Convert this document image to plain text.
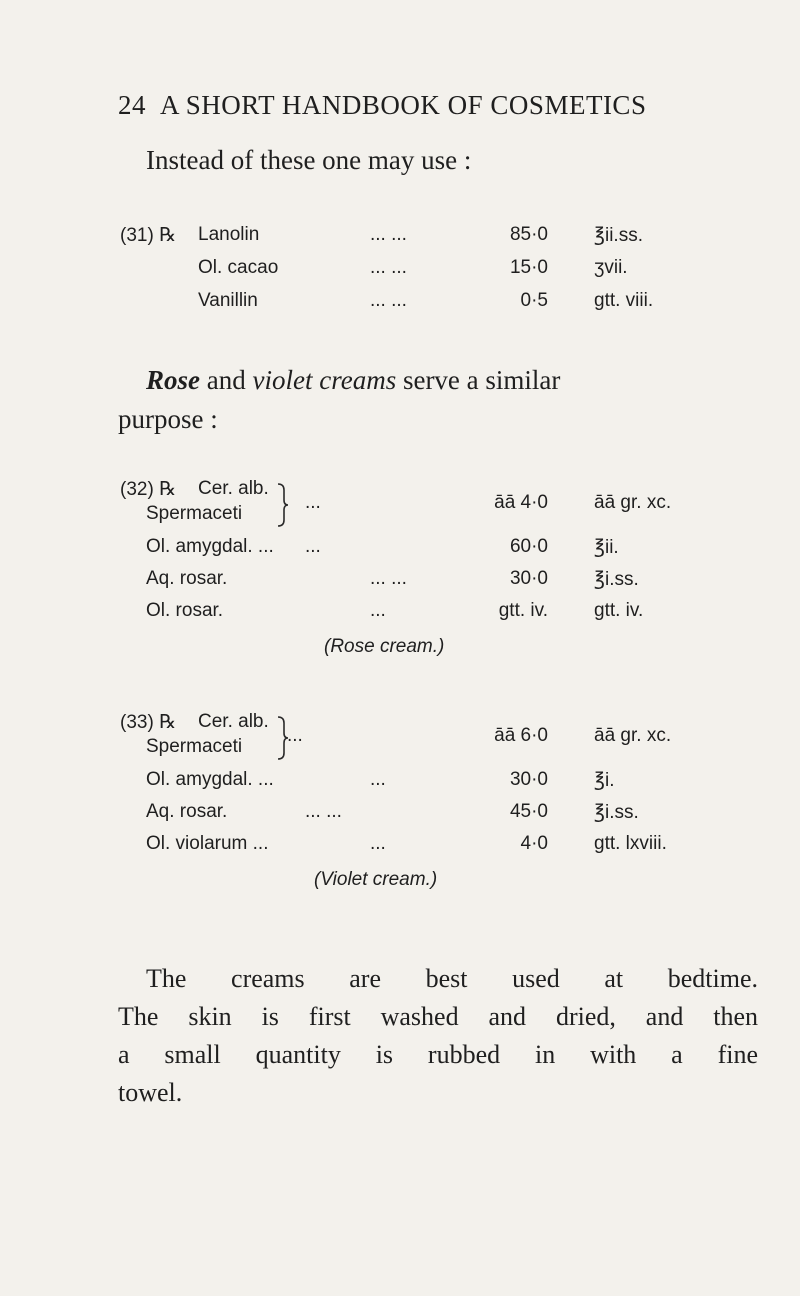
24 A SHORT HANDBOOK OF COSMETICS
Instead of these one may use :
(31) ℞ Lanolin	... ...	85·0 ℥ii.ss.
Ol. cacao	... ...	15·0 ʒvii.
Vanillin	... ...	0·5 gtt. viii.
Rose and violet creams serve a similar
purpose :
(32) ℞ Cer. alb.
Spermaceti
...	āā 4·0 āā gr. xc.
Ol. amygdal. ... ...	60·0 ℥ii.
Aq. rosar.	... ...	30·0 ℥i.ss.
Ol. rosar.	...	gtt. iv. gtt. iv.
(Rose cream.)
(33) ℞ Cer. alb.
Spermaceti
...	āā 6·0 āā gr. xc.
Ol. amygdal. ...	...	30·0 ℥i.
Aq. rosar.	... ...	45·0 ℥i.ss.
Ol. violarum ...	...	4·0 gtt. lxviii.
(Violet cream.)
The creams are best used at bedtime.
The skin is first washed and dried, and then
a small quantity is rubbed in with a fine
towel.
